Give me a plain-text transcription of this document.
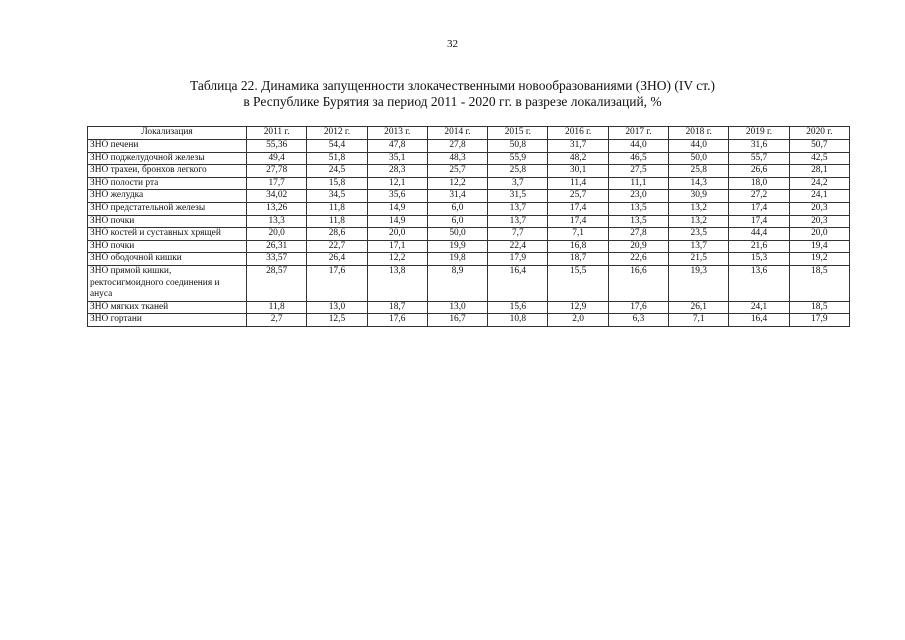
32
Таблица 22. Динамика запущенности злокачественными новообразованиями (ЗНО) (IV ст.)
в Республике Бурятия за период 2011 - 2020 гг. в разрезе локализаций, %
Локализация	2011 г.	2012 г.	2013 г.	2014 г.	2015 г.	2016 г.	2017 г.	2018 г.	2019 г.	2020 г.
ЗНО печени	55,36	54,4	47,8	27,8	50,8	31,7	44,0	44,0	31,6	50,7
ЗНО поджелудочной железы	49,4	51,8	35,1	48,3	55,9	48,2	46,5	50,0	55,7	42,5
ЗНО трахеи, бронхов легкого	27,78	24,5	28,3	25,7	25,8	30,1	27,5	25,8	26,6	28,1
ЗНО полости рта	17,7	15,8	12,1	12,2	3,7	11,4	11,1	14,3	18,0	24,2
ЗНО желудка	34,02	34,5	35,6	31,4	31,5	25,7	23,0	30,9	27,2	24,1
ЗНО предстательной железы	13,26	11,8	14,9	6,0	13,7	17,4	13,5	13,2	17,4	20,3
ЗНО почки	13,3	11,8	14,9	6,0	13,7	17,4	13,5	13,2	17,4	20,3
ЗНО костей и суставных хрящей	20,0	28,6	20,0	50,0	7,7	7,1	27,8	23,5	44,4	20,0
ЗНО почки	26,31	22,7	17,1	19,9	22,4	16,8	20,9	13,7	21,6	19,4
ЗНО ободочной кишки	33,57	26,4	12,2	19,8	17,9	18,7	22,6	21,5	15,3	19,2
ЗНО прямой кишки, ректосигмоидного соединения и ануса	28,57	17,6	13,8	8,9	16,4	15,5	16,6	19,3	13,6	18,5
ЗНО мягких тканей	11,8	13,0	18,7	13,0	15,6	12,9	17,6	26,1	24,1	18,5
ЗНО гортани	2,7	12,5	17,6	16,7	10,8	2,0	6,3	7,1	16,4	17,9
